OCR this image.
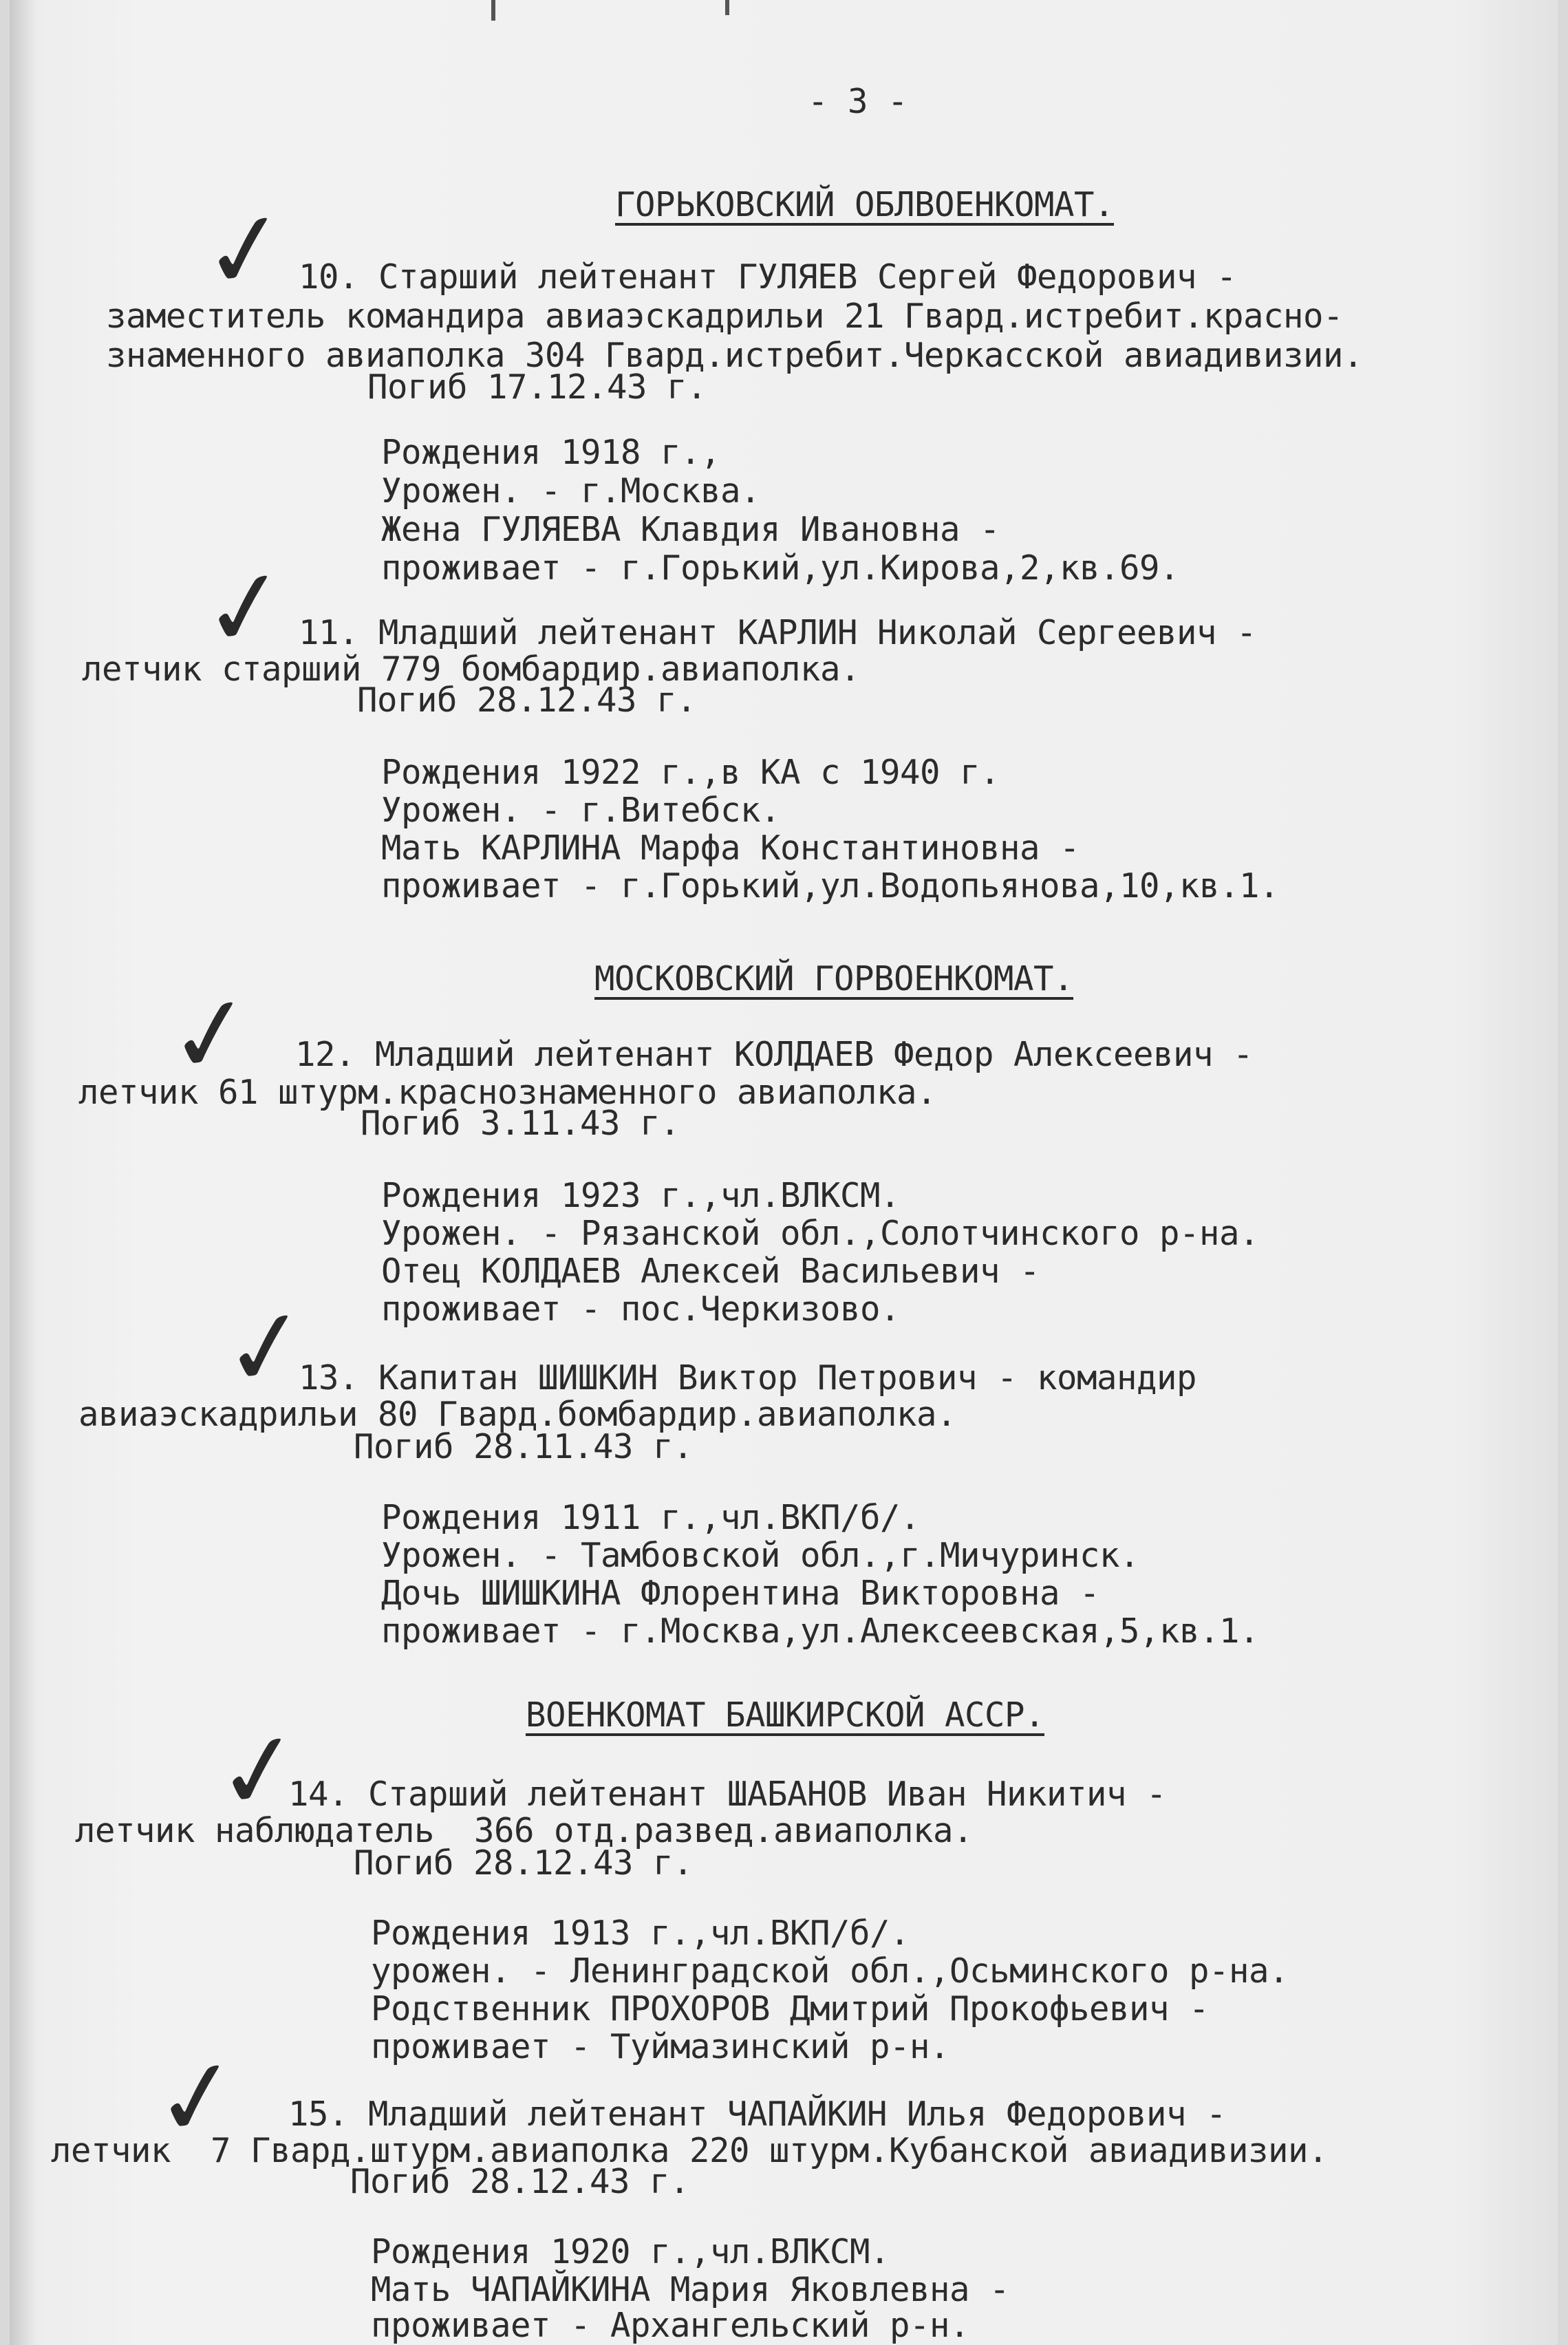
- 3 -
ГОРЬКОВСКИЙ ОБЛВОЕНКОМАТ.
✓ 10. Старший лейтенант ГУЛЯЕВ Сергей Федорович -
заместитель командира авиаэскадрильи 21 Гвард.истребит.красно-
знаменного авиаполка 304 Гвард.истребит.Черкасской авиадивизии.
Погиб 17.12.43 г.
Рождения 1918 г.,
Урожен. - г.Москва.
Жена ГУЛЯЕВА Клавдия Ивановна -
проживает - г.Горький,ул.Кирова,2,кв.69.
✓ 11. Младший лейтенант КАРЛИН Николай Сергеевич -
летчик старший 779 бомбардир.авиаполка.
Погиб 28.12.43 г.
Рождения 1922 г.,в КА с 1940 г.
Урожен. - г.Витебск.
Мать КАРЛИНА Марфа Константиновна -
проживает - г.Горький,ул.Водопьянова,10,кв.1.
МОСКОВСКИЙ ГОРВОЕНКОМАТ.
✓ 12. Младший лейтенант КОЛДАЕВ Федор Алексеевич -
летчик 61 штурм.краснознаменного авиаполка.
Погиб 3.11.43 г.
Рождения 1923 г.,чл.ВЛКСМ.
Урожен. - Рязанской обл.,Солотчинского р-на.
Отец КОЛДАЕВ Алексей Васильевич -
проживает - пос.Черкизово.
✓
13. Капитан ШИШКИН Виктор Петрович - командир
авиаэскадрильи 80 Гвард.бомбардир.авиаполка.
Погиб 28.11.43 г.
Рождения 1911 г.,чл.ВКП/б/.
Урожен. - Тамбовской обл.,г.Мичуринск.
Дочь ШИШКИНА Флорентина Викторовна -
проживает - г.Москва,ул.Алексеевская,5,кв.1.
ВОЕНКОМАТ БАШКИРСКОЙ АССР.
✓
14. Старший лейтенант ШАБАНОВ Иван Никитич -
летчик наблюдатель  366 отд.развед.авиаполка.
Погиб 28.12.43 г.
Рождения 1913 г.,чл.ВКП/б/.
урожен. - Ленинградской обл.,Осьминского р-на.
Родственник ПРОХОРОВ Дмитрий Прокофьевич -
проживает - Туймазинский р-н.
✓ 15. Младший лейтенант ЧАПАЙКИН Илья Федорович -
летчик  7 Гвард.штурм.авиаполка 220 штурм.Кубанской авиадивизии.
Погиб 28.12.43 г.
Рождения 1920 г.,чл.ВЛКСМ.
Мать ЧАПАЙКИНА Мария Яковлевна -
проживает - Архангельский р-н.
